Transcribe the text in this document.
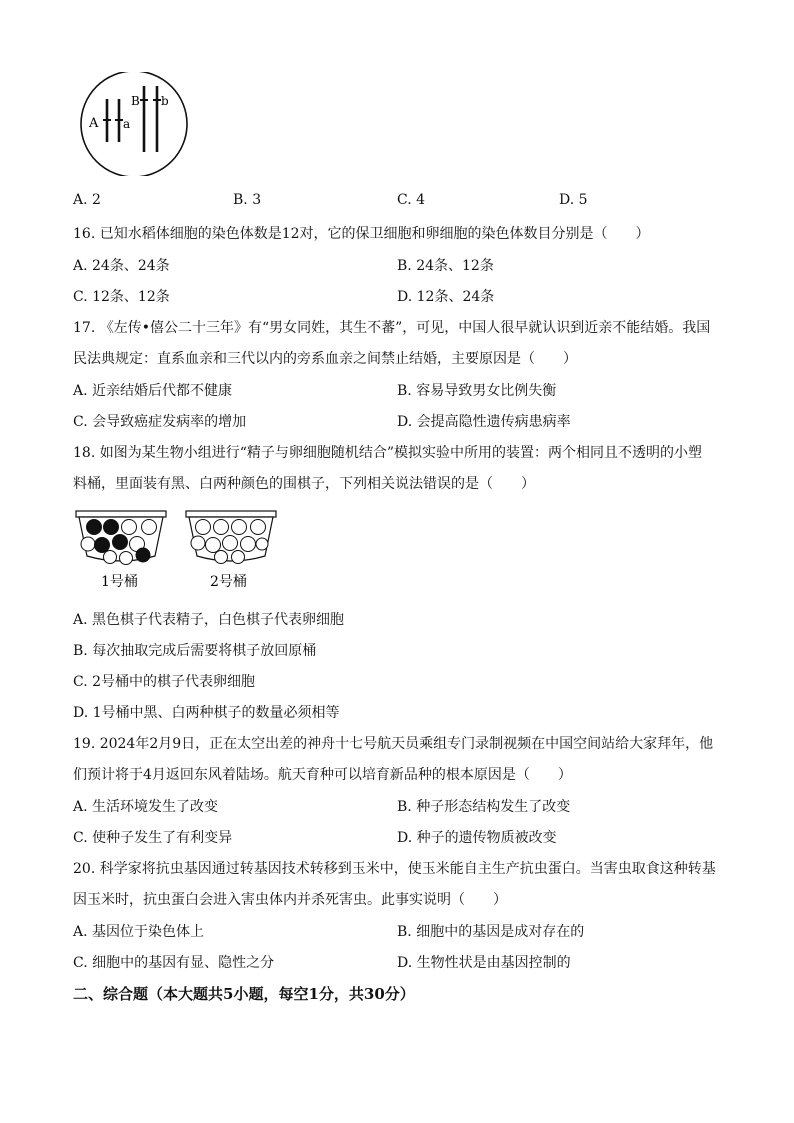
A a
B b
A. 2	B. 3	C. 4	D. 5
16. 已知水稻体细胞的染色体数是12对，它的保卫细胞和卵细胞的染色体数目分别是（　　）
A. 24条、24条	B. 24条、12条
C. 12条、12条	D. 12条、24条
17. 《左传•僖公二十三年》有“男女同姓，其生不蕃”，可见，中国人很早就认识到近亲不能结婚。我国
民法典规定：直系血亲和三代以内的旁系血亲之间禁止结婚，主要原因是（　　）
A. 近亲结婚后代都不健康	B. 容易导致男女比例失衡
C. 会导致癌症发病率的增加	D. 会提高隐性遗传病患病率
18. 如图为某生物小组进行“精子与卵细胞随机结合”模拟实验中所用的装置：两个相同且不透明的小塑
料桶，里面装有黑、白两种颜色的围棋子，下列相关说法错误的是（　　）
1号桶	2号桶
A. 黑色棋子代表精子，白色棋子代表卵细胞
B. 每次抽取完成后需要将棋子放回原桶
C. 2号桶中的棋子代表卵细胞
D. 1号桶中黑、白两种棋子的数量必须相等
19. 2024年2月9日，正在太空出差的神舟十七号航天员乘组专门录制视频在中国空间站给大家拜年，他
们预计将于4月返回东风着陆场。航天育种可以培育新品种的根本原因是（　　）
A. 生活环境发生了改变	B. 种子形态结构发生了改变
C. 使种子发生了有利变异	D. 种子的遗传物质被改变
20. 科学家将抗虫基因通过转基因技术转移到玉米中，使玉米能自主生产抗虫蛋白。当害虫取食这种转基
因玉米时，抗虫蛋白会进入害虫体内并杀死害虫。此事实说明（　　）
A. 基因位于染色体上	B. 细胞中的基因是成对存在的
C. 细胞中的基因有显、隐性之分	D. 生物性状是由基因控制的
二、综合题（本大题共5小题，每空1分，共30分）
